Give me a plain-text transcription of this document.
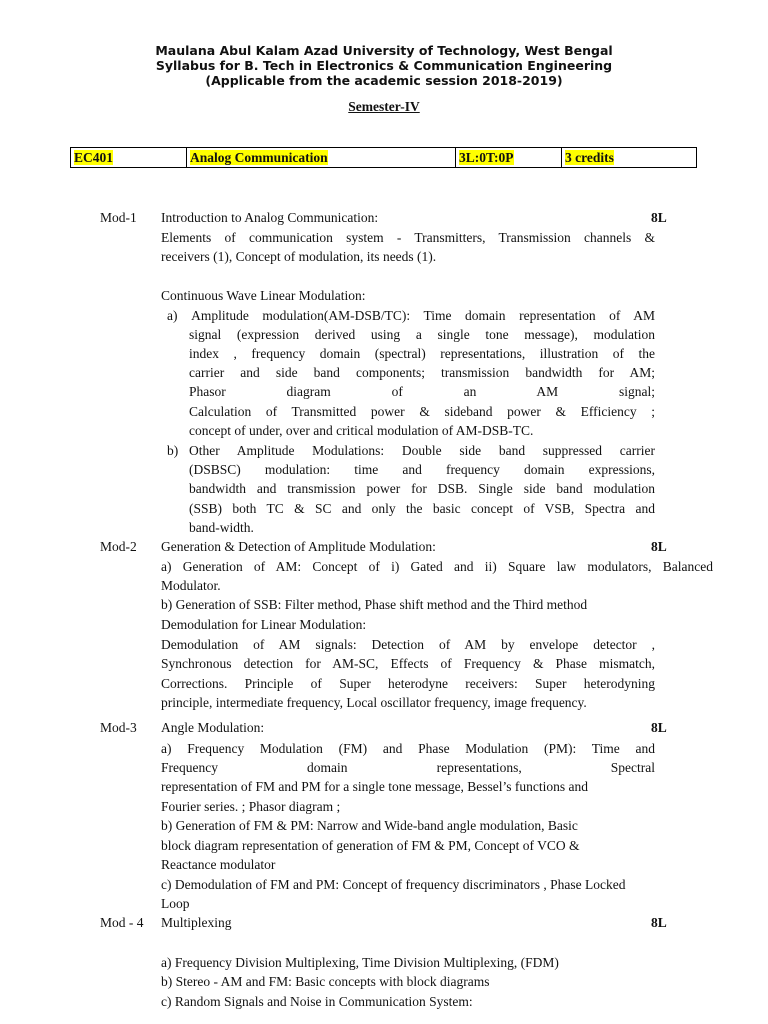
Maulana Abul Kalam Azad University of Technology, West Bengal
Syllabus for B. Tech in Electronics & Communication Engineering
(Applicable from the academic session 2018-2019)
Semester-IV
EC401	Analog Communication	3L:0T:0P	3 credits
Mod-1 Introduction to Analog Communication:	8L
Elements of communication system - Transmitters, Transmission channels &
receivers (1), Concept of modulation, its needs (1).
Continuous Wave Linear Modulation:
a) Amplitude modulation(AM-DSB/TC): Time domain representation of AM
signal (expression derived using a single tone message), modulation
index , frequency domain (spectral) representations, illustration of the
carrier and side band components; transmission bandwidth for AM;
Phasor diagram of an AM signal;
Calculation of Transmitted power & sideband power & Efficiency ;
concept of under, over and critical modulation of AM-DSB-TC.
b) Other Amplitude Modulations: Double side band suppressed carrier
(DSBSC) modulation: time and frequency domain expressions,
bandwidth and transmission power for DSB. Single side band modulation
(SSB) both TC & SC and only the basic concept of VSB, Spectra and
band-width.
Mod-2 Generation & Detection of Amplitude Modulation:	8L
a) Generation of AM: Concept of i) Gated and ii) Square law modulators, Balanced
Modulator.
b) Generation of SSB: Filter method, Phase shift method and the Third method
Demodulation for Linear Modulation:
Demodulation of AM signals: Detection of AM by envelope detector ,
Synchronous detection for AM-SC, Effects of Frequency & Phase mismatch,
Corrections. Principle of Super heterodyne receivers: Super heterodyning
principle, intermediate frequency, Local oscillator frequency, image frequency.
Mod-3 Angle Modulation:	8L
a) Frequency Modulation (FM) and Phase Modulation (PM): Time and
Frequency domain representations, Spectral
representation of FM and PM for a single tone message, Bessel’s functions and
Fourier series. ; Phasor diagram ;
b) Generation of FM & PM: Narrow and Wide-band angle modulation, Basic
block diagram representation of generation of FM & PM, Concept of VCO &
Reactance modulator
c) Demodulation of FM and PM: Concept of frequency discriminators , Phase Locked
Loop
Mod - 4 Multiplexing	8L
a) Frequency Division Multiplexing, Time Division Multiplexing, (FDM)
b) Stereo - AM and FM: Basic concepts with block diagrams
c) Random Signals and Noise in Communication System:
